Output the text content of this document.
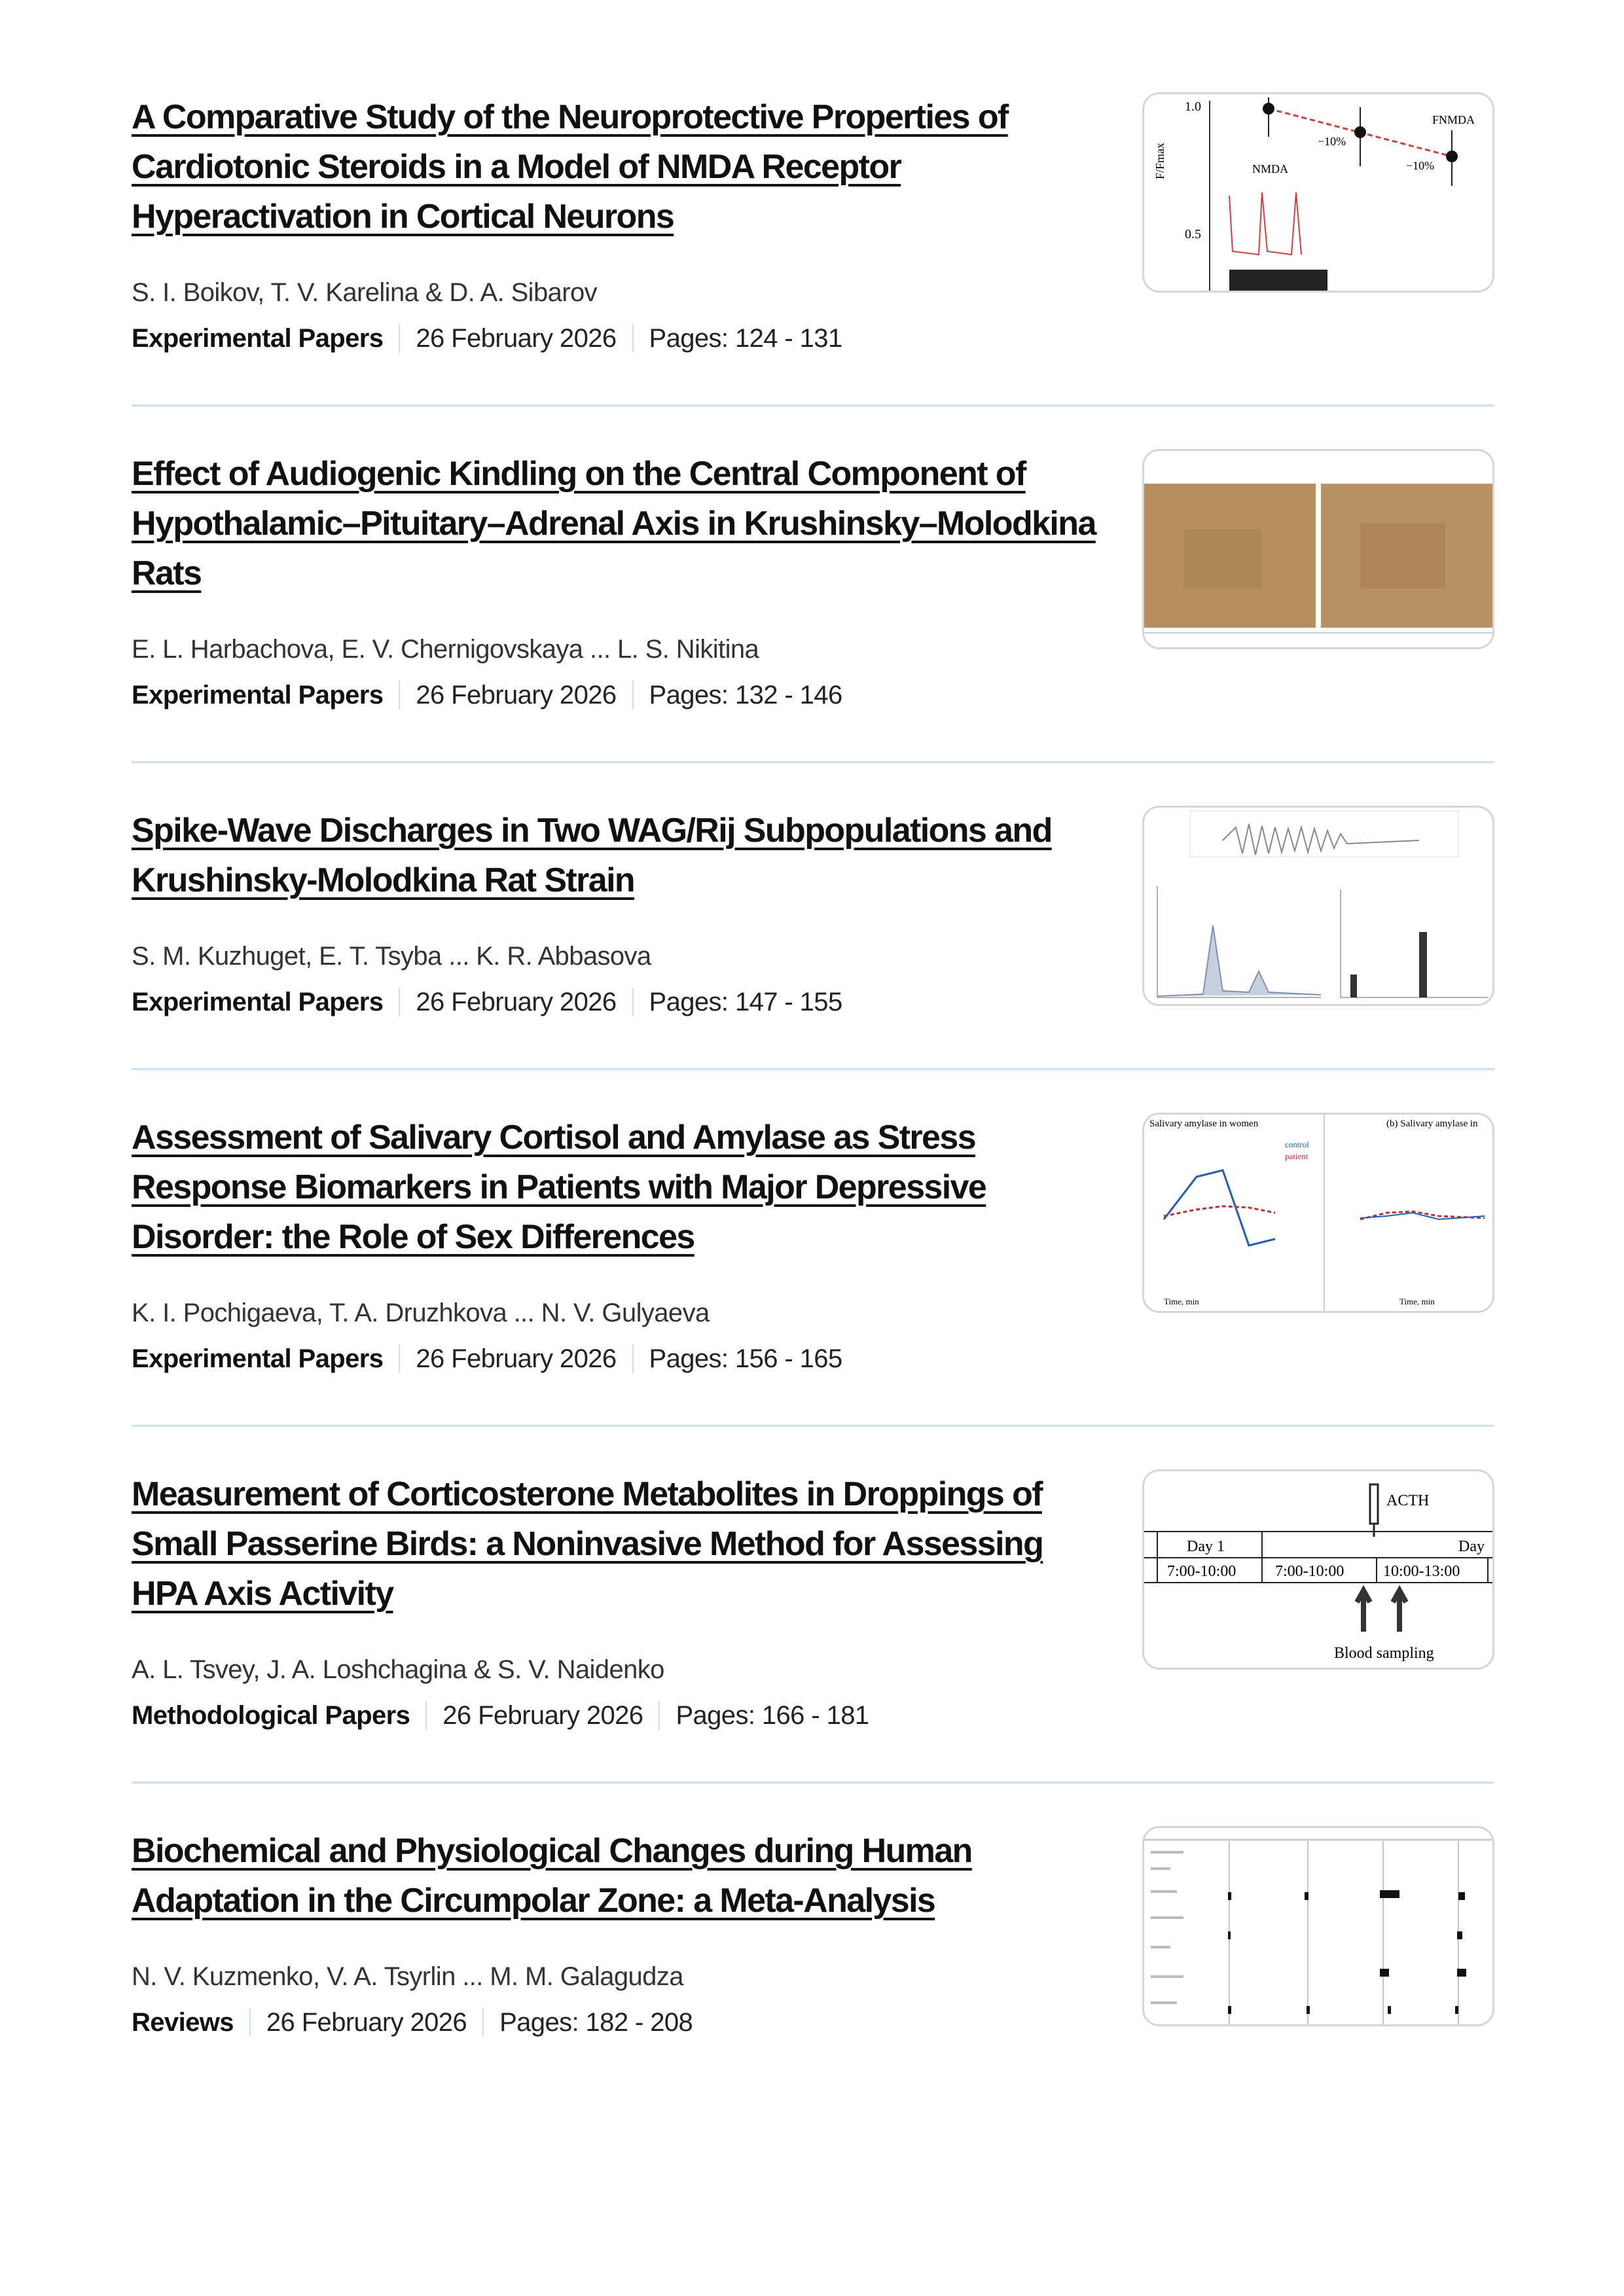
A Comparative Study of the Neuroprotective Properties of Cardiotonic Steroids in a Model of NMDA Receptor Hyperactivation in Cortical Neurons
S. I. Boikov, T. V. Karelina & D. A. Sibarov
Experimental Papers 26 February 2026 Pages: 124 - 131
1.0
0.5
F/Fmax
−10%
−10%
FNMDA
NMDA
Effect of Audiogenic Kindling on the Central Component of Hypothalamic–Pituitary–Adrenal Axis in Krushinsky–Molodkina Rats
E. L. Harbachova, E. V. Chernigovskaya ... L. S. Nikitina
Experimental Papers 26 February 2026 Pages: 132 - 146
Spike-Wave Discharges in Two WAG/Rij Subpopulations and Krushinsky-Molodkina Rat Strain
S. M. Kuzhuget, E. T. Tsyba ... K. R. Abbasova
Experimental Papers 26 February 2026 Pages: 147 - 155
Assessment of Salivary Cortisol and Amylase as Stress Response Biomarkers in Patients with Major Depressive Disorder: the Role of Sex Differences
K. I. Pochigaeva, T. A. Druzhkova ... N. V. Gulyaeva
Experimental Papers 26 February 2026 Pages: 156 - 165
Salivary amylase in women	(b) Salivary amylase in
control
patient
Time, min	Time, min
Measurement of Corticosterone Metabolites in Droppings of Small Passerine Birds: a Noninvasive Method for Assessing HPA Axis Activity
A. L. Tsvey, J. A. Loshchagina & S. V. Naidenko
Methodological Papers 26 February 2026 Pages: 166 - 181
ACTH
Day 1	Day
7:00-10:00 7:00-10:00 10:00-13:00
Blood sampling
Biochemical and Physiological Changes during Human Adaptation in the Circumpolar Zone: a Meta-Analysis
N. V. Kuzmenko, V. A. Tsyrlin ... M. M. Galagudza
Reviews 26 February 2026 Pages: 182 - 208
